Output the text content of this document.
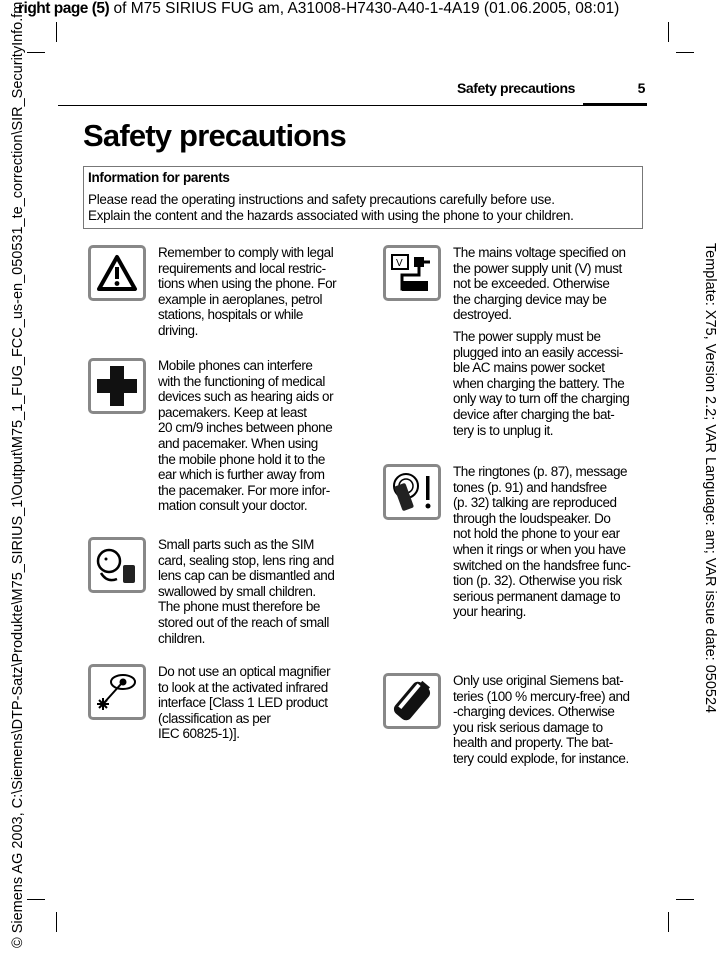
right page (5) of M75 SIRIUS FUG am, A31008-H7430-A40-1-4A19 (01.06.2005, 08:01)
© Siemens AG 2003, C:\Siemens\DTP-Satz\Produkte\M75_SIRIUS_1\Output\M75_1_FUG_FCC_us-en_050531_te_correction\SIR_SecurityInfo.fm	Template: X75, Version 2.2; VAR Language: am; VAR issue date: 050524
Safety precautions	5
Safety precautions
Information for parents
Please read the operating instructions and safety precautions carefully before use.
Explain the content and the hazards associated with using the phone to your children.

Remember to comply with legal
requirements and local restric-
tions when using the phone. For
example in aeroplanes, petrol
stations, hospitals or while
driving.

Mobile phones can interfere
with the functioning of medical
devices such as hearing aids or
pacemakers. Keep at least
20 cm/9 inches between phone
and pacemaker. When using
the mobile phone hold it to the
ear which is further away from
the pacemaker. For more infor-
mation consult your doctor.

Small parts such as the SIM
card, sealing stop, lens ring and
lens cap can be dismantled and
swallowed by small children.
The phone must therefore be
stored out of the reach of small
children.

Do not use an optical magnifier
to look at the activated infrared
interface [Class 1 LED product
(classification as per
IEC 60825-1)].

V

The mains voltage specified on
the power supply unit (V) must
not be exceeded. Otherwise
the charging device may be
destroyed.

The power supply must be
plugged into an easily accessi-
ble AC mains power socket
when charging the battery. The
only way to turn off the charging
device after charging the bat-
tery is to unplug it.

The ringtones (p. 87), message
tones (p. 91) and handsfree
(p. 32) talking are reproduced
through the loudspeaker. Do
not hold the phone to your ear
when it rings or when you have
switched on the handsfree func-
tion (p. 32). Otherwise you risk
serious permanent damage to
your hearing.

Only use original Siemens bat-
teries (100 % mercury-free) and
-charging devices. Otherwise
you risk serious damage to
health and property. The bat-
tery could explode, for instance.
